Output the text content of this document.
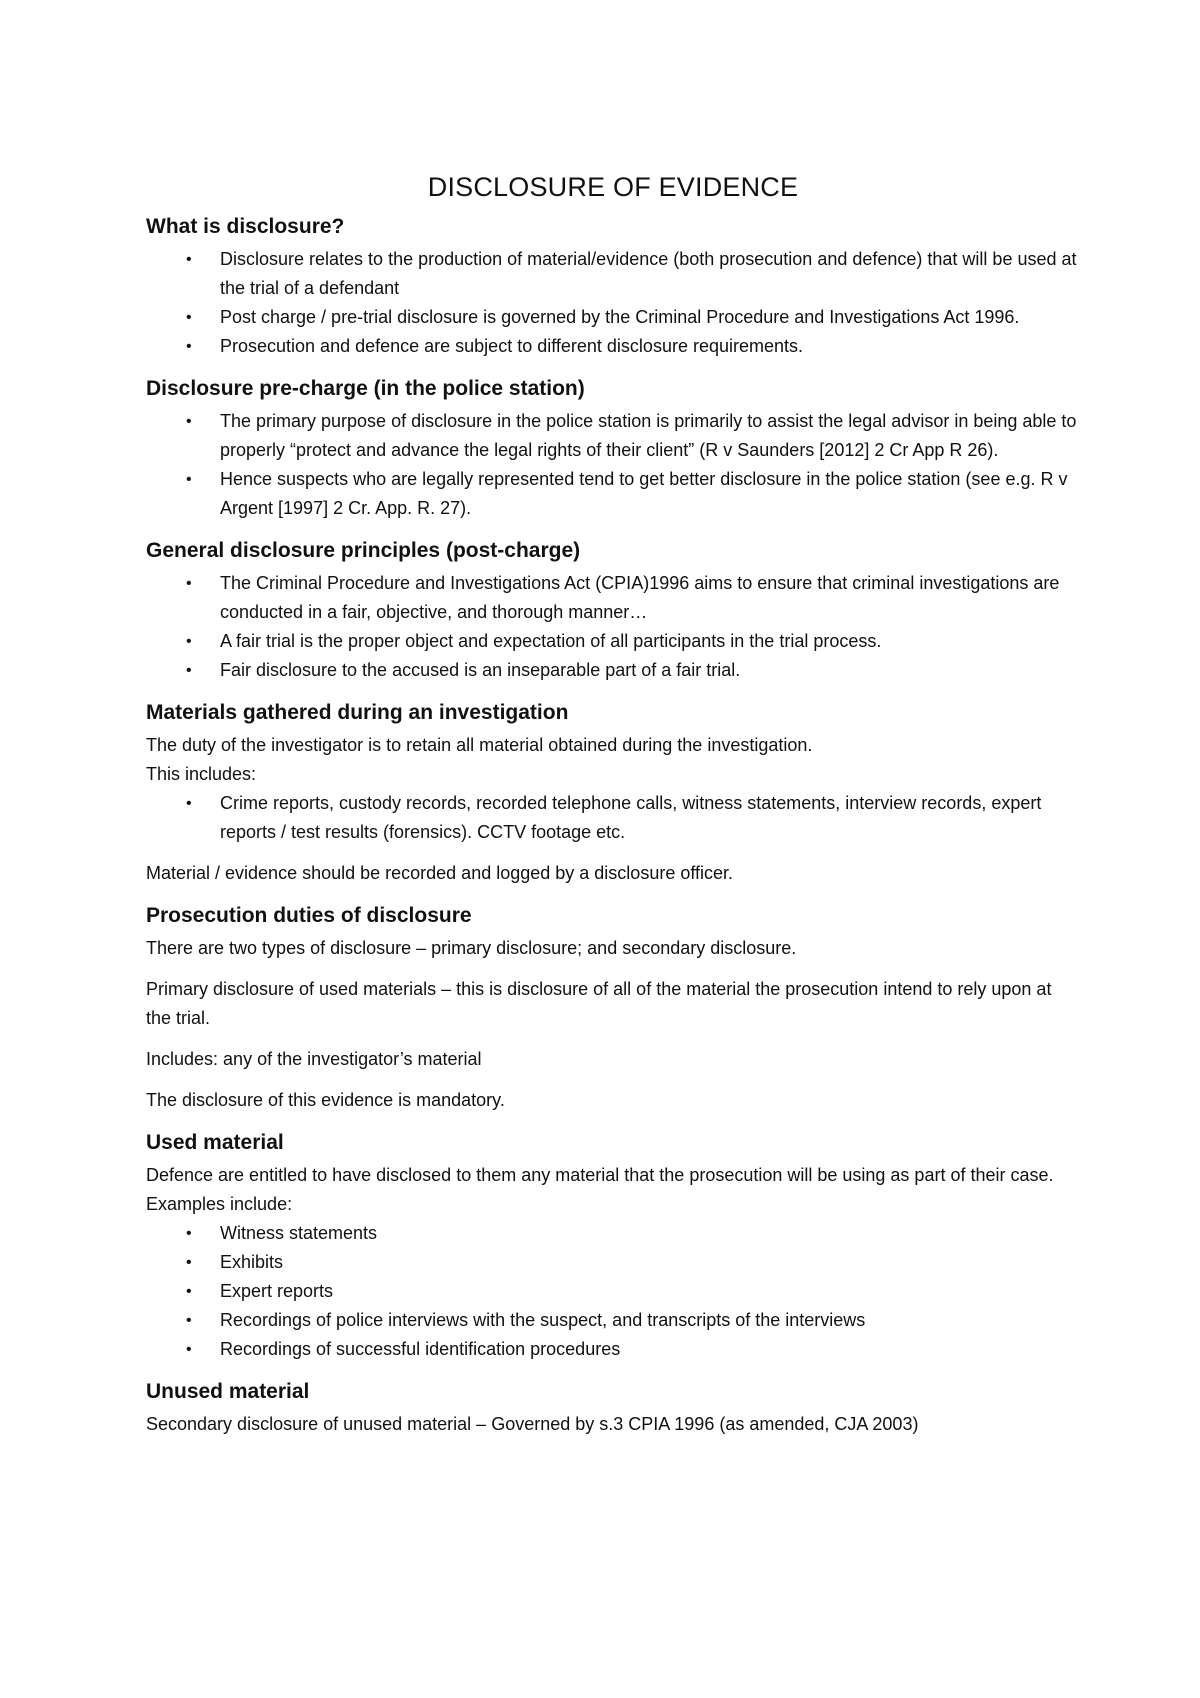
DISCLOSURE OF EVIDENCE
What is disclosure?
• Disclosure relates to the production of material/evidence (both prosecution and defence) that will be used at the trial of a defendant
• Post charge / pre-trial disclosure is governed by the Criminal Procedure and Investigations Act 1996.
• Prosecution and defence are subject to different disclosure requirements.
Disclosure pre-charge (in the police station)
• The primary purpose of disclosure in the police station is primarily to assist the legal advisor in being able to properly “protect and advance the legal rights of their client” (R v Saunders [2012] 2 Cr App R 26).
• Hence suspects who are legally represented tend to get better disclosure in the police station (see e.g. R v Argent [1997] 2 Cr. App. R. 27).
General disclosure principles (post-charge)
• The Criminal Procedure and Investigations Act (CPIA)1996 aims to ensure that criminal investigations are conducted in a fair, objective, and thorough manner…
• A fair trial is the proper object and expectation of all participants in the trial process.
• Fair disclosure to the accused is an inseparable part of a fair trial.
Materials gathered during an investigation

The duty of the investigator is to retain all material obtained during the investigation.

This includes:

• Crime reports, custody records, recorded telephone calls, witness statements, interview records, expert reports / test results (forensics). CCTV footage etc.

Material / evidence should be recorded and logged by a disclosure officer.

Prosecution duties of disclosure

There are two types of disclosure – primary disclosure; and secondary disclosure.

Primary disclosure of used materials – this is disclosure of all of the material the prosecution intend to rely upon at the trial.

Includes: any of the investigator’s material

The disclosure of this evidence is mandatory.

Used material

Defence are entitled to have disclosed to them any material that the prosecution will be using as part of their case. Examples include:

• Witness statements
• Exhibits
• Expert reports
• Recordings of police interviews with the suspect, and transcripts of the interviews
• Recordings of successful identification procedures
Unused material

Secondary disclosure of unused material – Governed by s.3 CPIA 1996 (as amended, CJA 2003)
